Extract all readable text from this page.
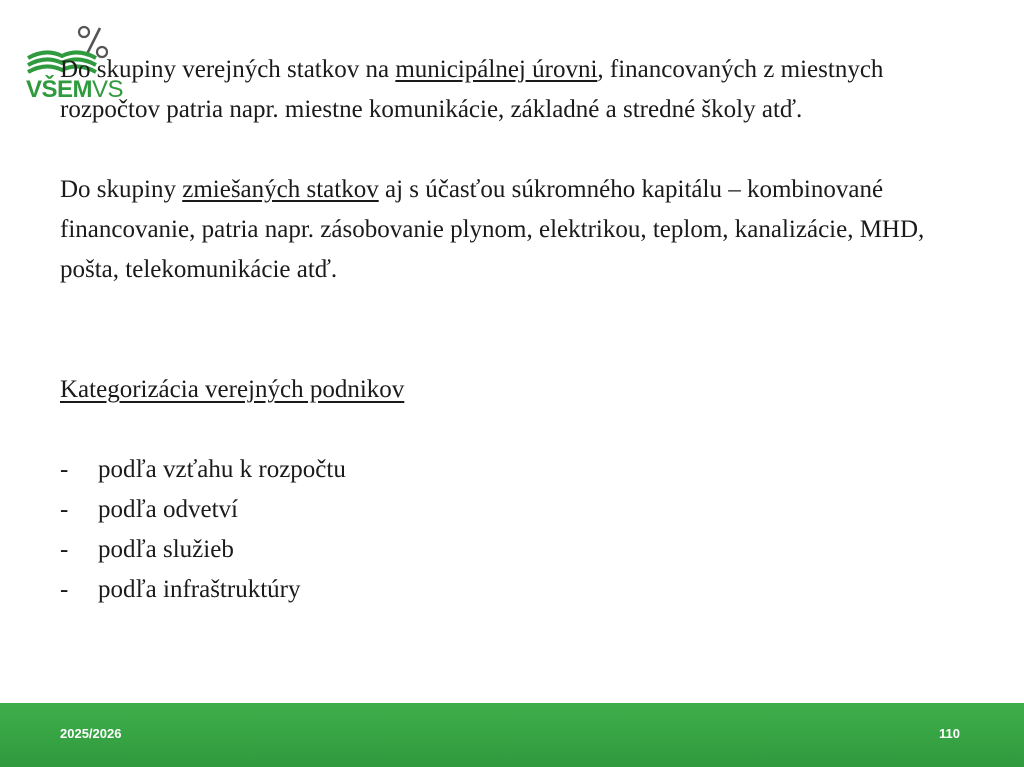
VŠEMVS

Do skupiny verejných statkov na municipálnej úrovni, financovaných z miestnych rozpočtov patria napr. miestne komunikácie, základné a stredné školy atď.

Do skupiny zmiešaných statkov aj s účasťou súkromného kapitálu – kombinované financovanie, patria napr. zásobovanie plynom, elektrikou, teplom, kanalizácie, MHD, pošta, telekomunikácie atď.

Kategorizácia verejných podnikov

-	podľa vzťahu k rozpočtu
-	podľa odvetví
-	podľa služieb
-	podľa infraštruktúry
2025/2026	110
